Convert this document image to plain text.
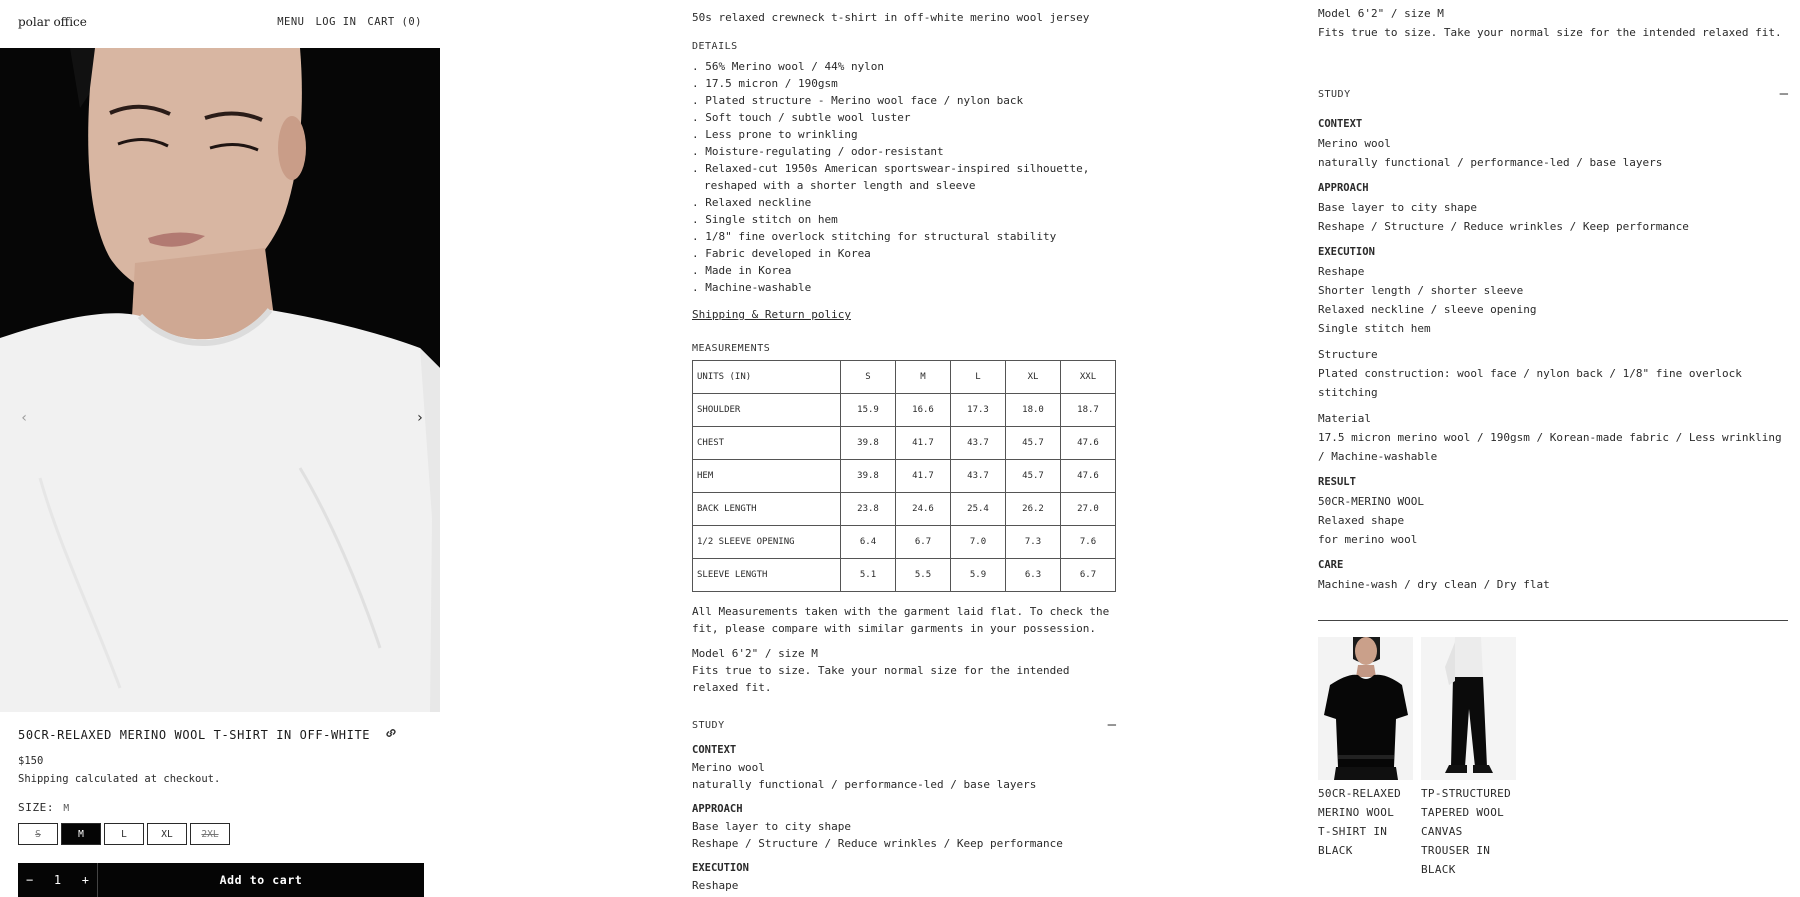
polar office	MENU LOG IN CART (0)
‹	›
50CR-RELAXED MERINO WOOL T-SHIRT IN OFF-WHITE
$150
Shipping calculated at checkout.
SIZE: M
S	M	L	XL	2XL
− 1 +	Add to cart
50s relaxed crewneck t-shirt in off-white merino wool jersey
DETAILS
. 56% Merino wool / 44% nylon
. 17.5 micron / 190gsm
. Plated structure - Merino wool face / nylon back
. Soft touch / subtle wool luster
. Less prone to wrinkling
. Moisture-regulating / odor-resistant
. Relaxed-cut 1950s American sportswear-inspired silhouette, reshaped with a shorter length and sleeve
. Relaxed neckline
. Single stitch on hem
. 1/8" fine overlock stitching for structural stability
. Fabric developed in Korea
. Made in Korea
. Machine-washable
Shipping & Return policy
MEASUREMENTS
UNITS (IN)	S	M	L	XL	XXL
SHOULDER	15.9	16.6	17.3	18.0	18.7
CHEST	39.8	41.7	43.7	45.7	47.6
HEM	39.8	41.7	43.7	45.7	47.6
BACK LENGTH	23.8	24.6	25.4	26.2	27.0
1/2 SLEEVE OPENING	6.4	6.7	7.0	7.3	7.6
SLEEVE LENGTH	5.1	5.5	5.9	6.3	6.7
All Measurements taken with the garment laid flat. To check the fit, please compare with similar garments in your possession.
Model 6'2" / size M
Fits true to size. Take your normal size for the intended relaxed fit.
STUDY	—
CONTEXT
Merino wool
naturally functional / performance-led / base layers
APPROACH
Base layer to city shape
Reshape / Structure / Reduce wrinkles / Keep performance
EXECUTION
Reshape

Model 6'2" / size M

Fits true to size. Take your normal size for the intended relaxed fit.

STUDY	—
CONTEXT
Merino wool
naturally functional / performance-led / base layers
APPROACH
Base layer to city shape
Reshape / Structure / Reduce wrinkles / Keep performance
EXECUTION
Reshape
Shorter length / shorter sleeve
Relaxed neckline / sleeve opening
Single stitch hem
Structure
Plated construction: wool face / nylon back / 1/8" fine overlock stitching
Material
17.5 micron merino wool / 190gsm / Korean-made fabric / Less wrinkling / Machine-washable
RESULT
50CR-MERINO WOOL
Relaxed shape
for merino wool
CARE
Machine-wash / dry clean / Dry flat
50CR-RELAXED
MERINO WOOL
T-SHIRT IN
BLACK
TP-STRUCTURED
TAPERED WOOL
CANVAS
TROUSER IN
BLACK
